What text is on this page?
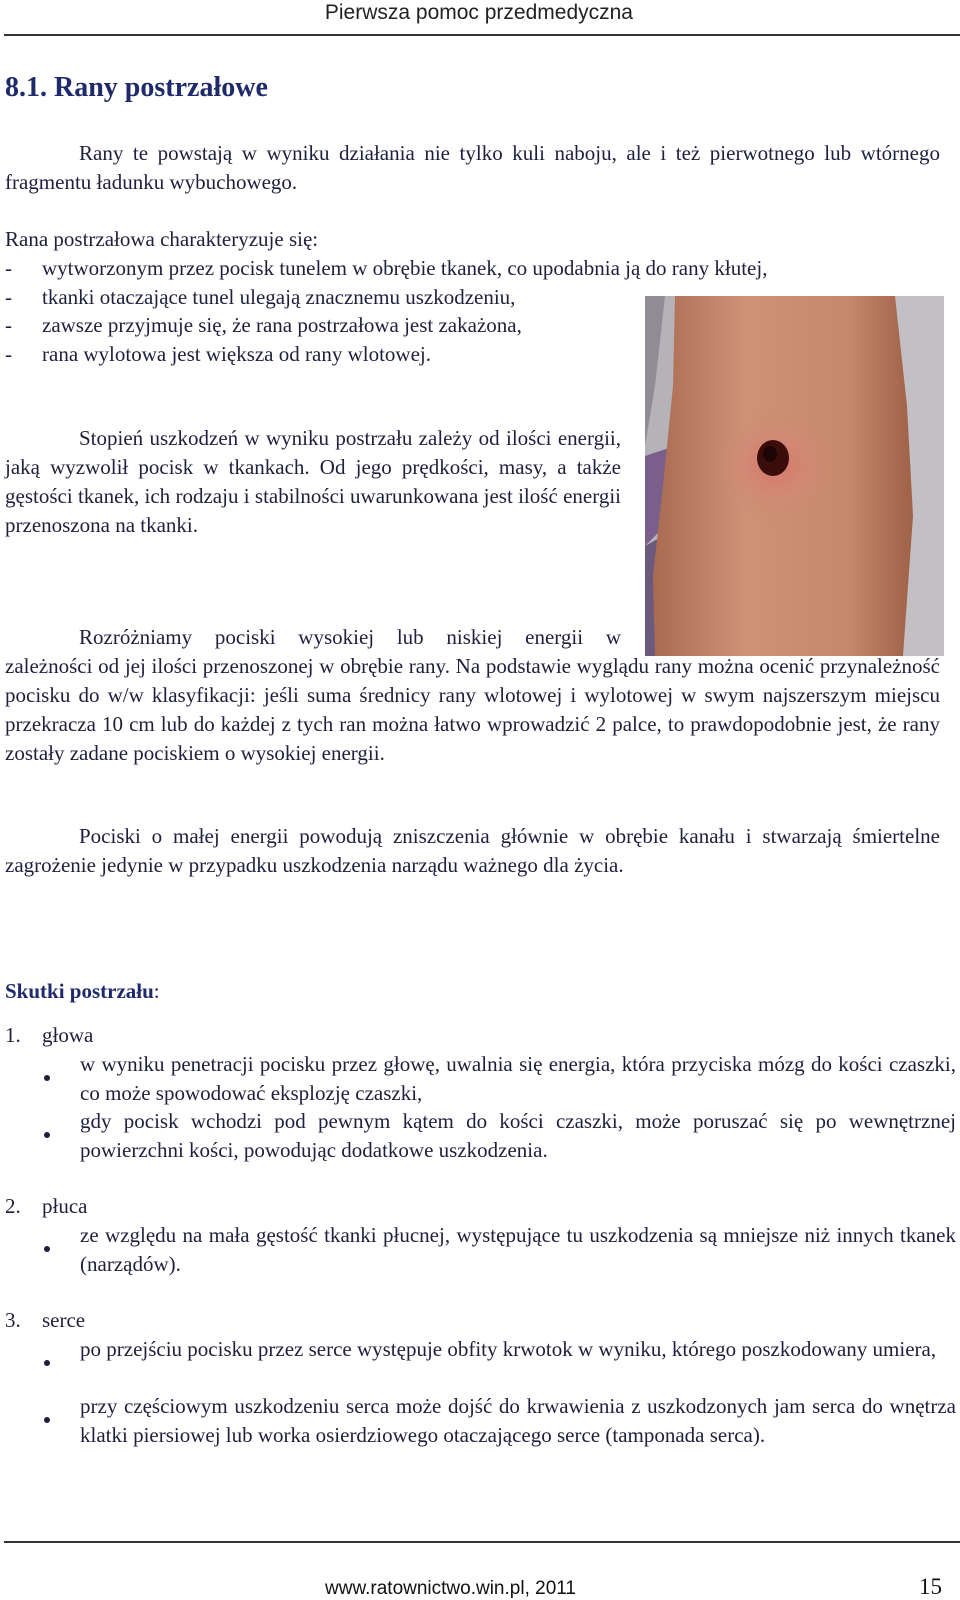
Pierwsza pomoc przedmedyczna
8.1. Rany postrzałowe
Rany te powstają w wyniku działania nie tylko kuli naboju, ale i też pierwotnego lub wtórnego fragmentu ładunku wybuchowego.
Rana postrzałowa charakteryzuje się:
- wytworzonym przez pocisk tunelem w obrębie tkanek, co upodabnia ją do rany kłutej,
- tkanki otaczające tunel ulegają znacznemu uszkodzeniu,
- zawsze przyjmuje się, że rana postrzałowa jest zakażona,
- rana wylotowa jest większa od rany wlotowej.
Stopień uszkodzeń w wyniku postrzału zależy od ilości energii, jaką wyzwolił pocisk w tkankach. Od jego prędkości, masy, a także gęstości tkanek, ich rodzaju i stabilności uwarunkowana jest ilość energii przenoszona na tkanki.
Rozróżniamy pociski wysokiej lub niskiej energii w
zależności od jej ilości przenoszonej w obrębie rany. Na podstawie wyglądu rany można ocenić przynależność pocisku do w/w klasyfikacji: jeśli suma średnicy rany wlotowej i wylotowej w swym najszerszym miejscu przekracza 10 cm lub do każdej z tych ran można łatwo wprowadzić 2 palce, to prawdopodobnie jest, że rany zostały zadane pociskiem o wysokiej energii.
Pociski o małej energii powodują zniszczenia głównie w obrębie kanału i stwarzają śmiertelne zagrożenie jedynie w przypadku uszkodzenia narządu ważnego dla życia.
Skutki postrzału:
1. głowa
w wyniku penetracji pocisku przez głowę, uwalnia się energia, która przyciska mózg do kości czaszki, co może spowodować eksplozję czaszki,
gdy pocisk wchodzi pod pewnym kątem do kości czaszki, może poruszać się po wewnętrznej powierzchni kości, powodując dodatkowe uszkodzenia.
2. płuca
ze względu na mała gęstość tkanki płucnej, występujące tu uszkodzenia są mniejsze niż innych tkanek (narządów).
3. serce
po przejściu pocisku przez serce występuje obfity krwotok w wyniku, którego poszkodowany umiera,
przy częściowym uszkodzeniu serca może dojść do krwawienia z uszkodzonych jam serca do wnętrza klatki piersiowej lub worka osierdziowego otaczającego serce (tamponada serca).
www.ratownictwo.win.pl, 2011	15
